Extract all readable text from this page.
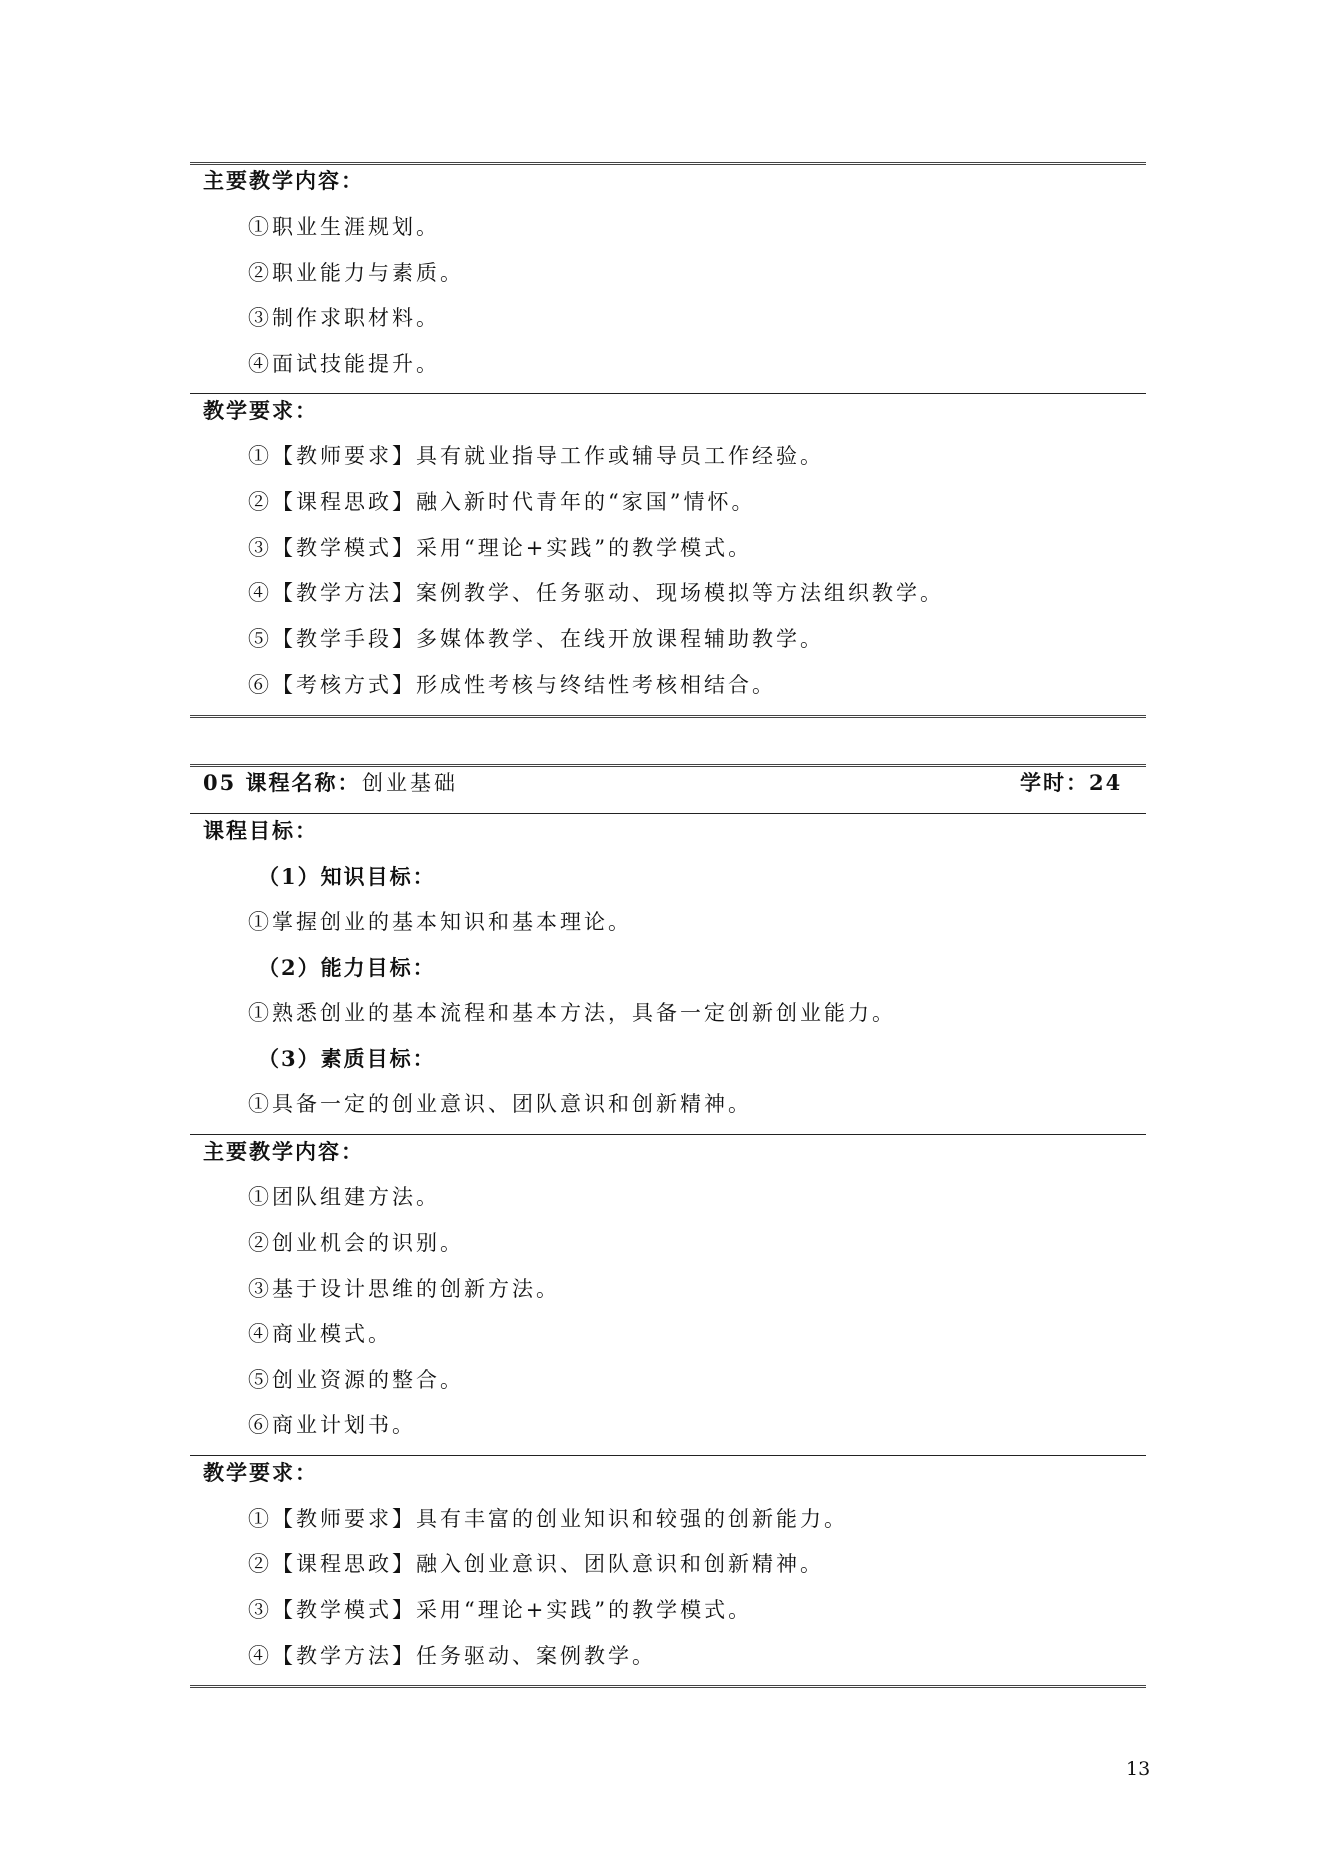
主要教学内容：
①职业生涯规划。
②职业能力与素质。
③制作求职材料。
④面试技能提升。
教学要求：
①【教师要求】具有就业指导工作或辅导员工作经验。
②【课程思政】融入新时代青年的“家国”情怀。
③【教学模式】采用“理论+实践”的教学模式。
④【教学方法】案例教学、任务驱动、现场模拟等方法组织教学。
⑤【教学手段】多媒体教学、在线开放课程辅助教学。
⑥【考核方式】形成性考核与终结性考核相结合。
05 课程名称： 创业基础	学时：24
课程目标：
（1）知识目标：
①掌握创业的基本知识和基本理论。
（2）能力目标：
①熟悉创业的基本流程和基本方法，具备一定创新创业能力。
（3）素质目标：
①具备一定的创业意识、团队意识和创新精神。
主要教学内容：
①团队组建方法。
②创业机会的识别。
③基于设计思维的创新方法。
④商业模式。
⑤创业资源的整合。
⑥商业计划书。
教学要求：
①【教师要求】具有丰富的创业知识和较强的创新能力。
②【课程思政】融入创业意识、团队意识和创新精神。
③【教学模式】采用“理论+实践”的教学模式。
④【教学方法】任务驱动、案例教学。
13
